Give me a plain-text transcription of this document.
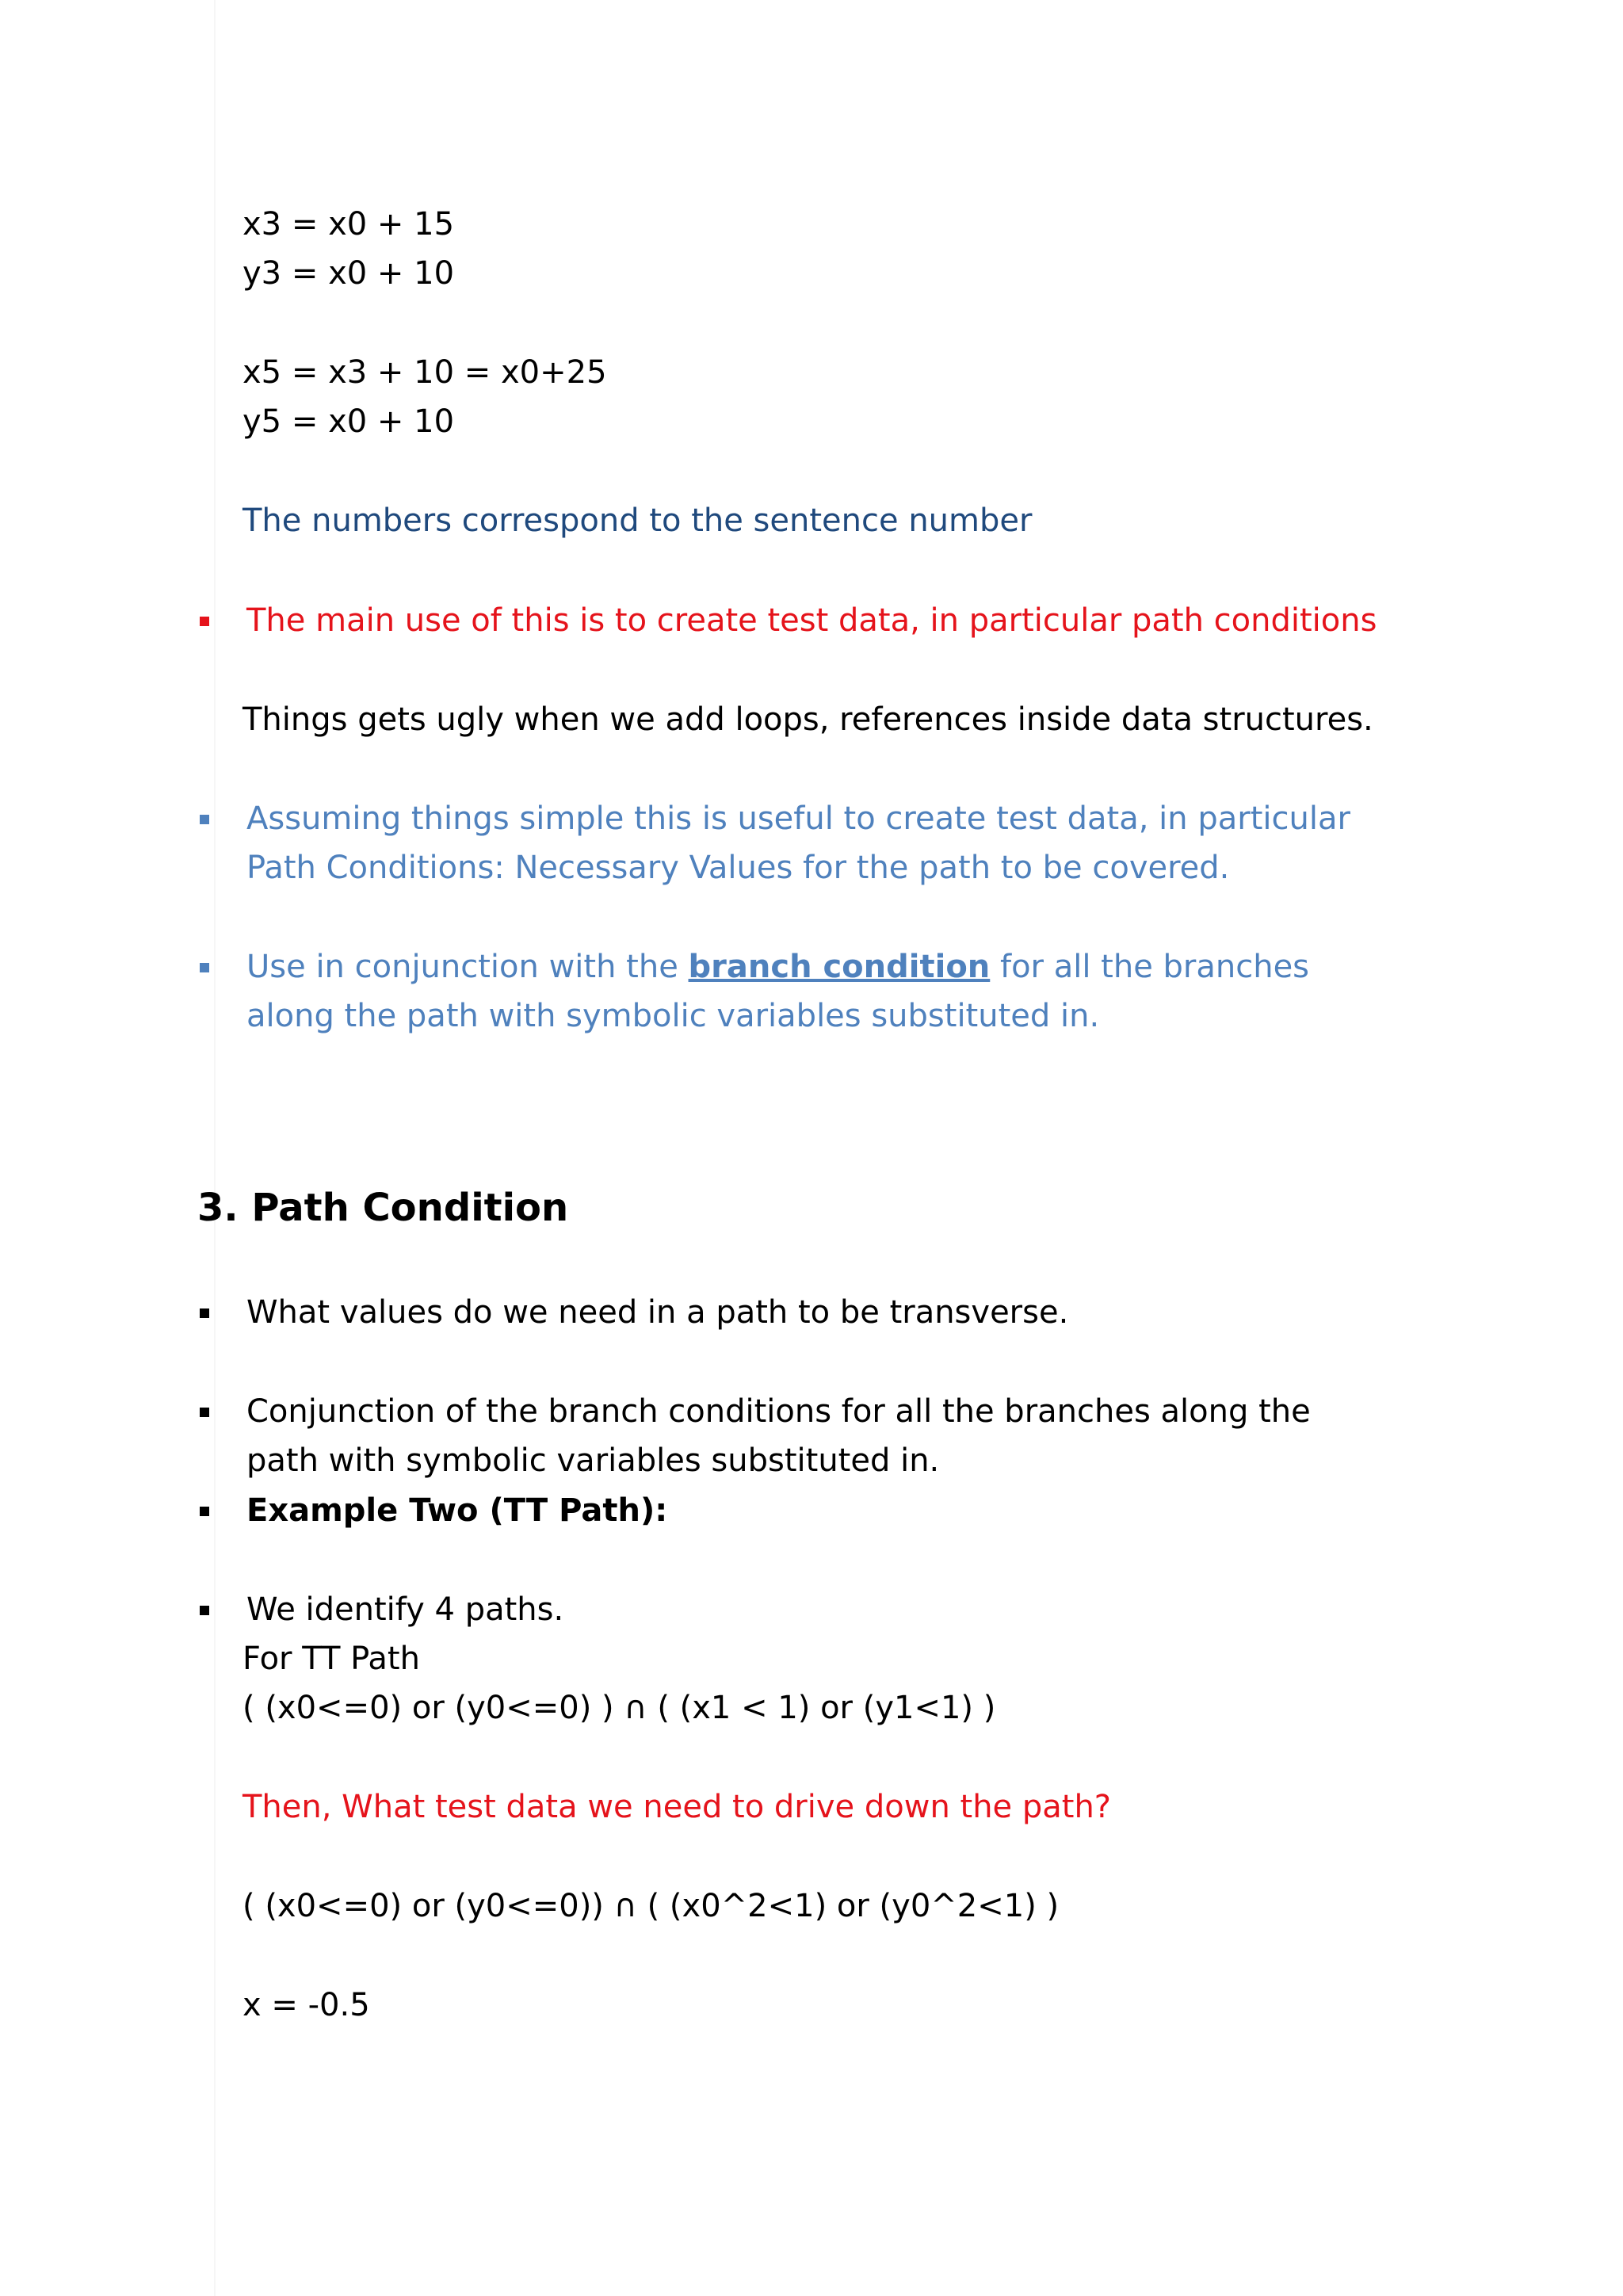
x3 = x0 + 15
y3 = x0 + 10
x5 = x3 + 10 = x0+25
y5 = x0 + 10
The numbers correspond to the sentence number
The main use of this is to create test data, in particular path conditions
Things gets ugly when we add loops, references inside data structures.
Assuming things simple this is useful to create test data, in particular
Path Conditions: Necessary Values for the path to be covered.
Use in conjunction with the branch condition for all the branches
along the path with symbolic variables substituted in.
3. Path Condition
What values do we need in a path to be transverse.
Conjunction of the branch conditions for all the branches along the
path with symbolic variables substituted in.
Example Two (TT Path):
We identify 4 paths.
For TT Path
( (x0<=0) or (y0<=0) ) ∩ ( (x1 < 1) or (y1<1) )
Then, What test data we need to drive down the path?
( (x0<=0) or (y0<=0)) ∩ ( (x0^2<1) or (y0^2<1) )
x = -0.5
